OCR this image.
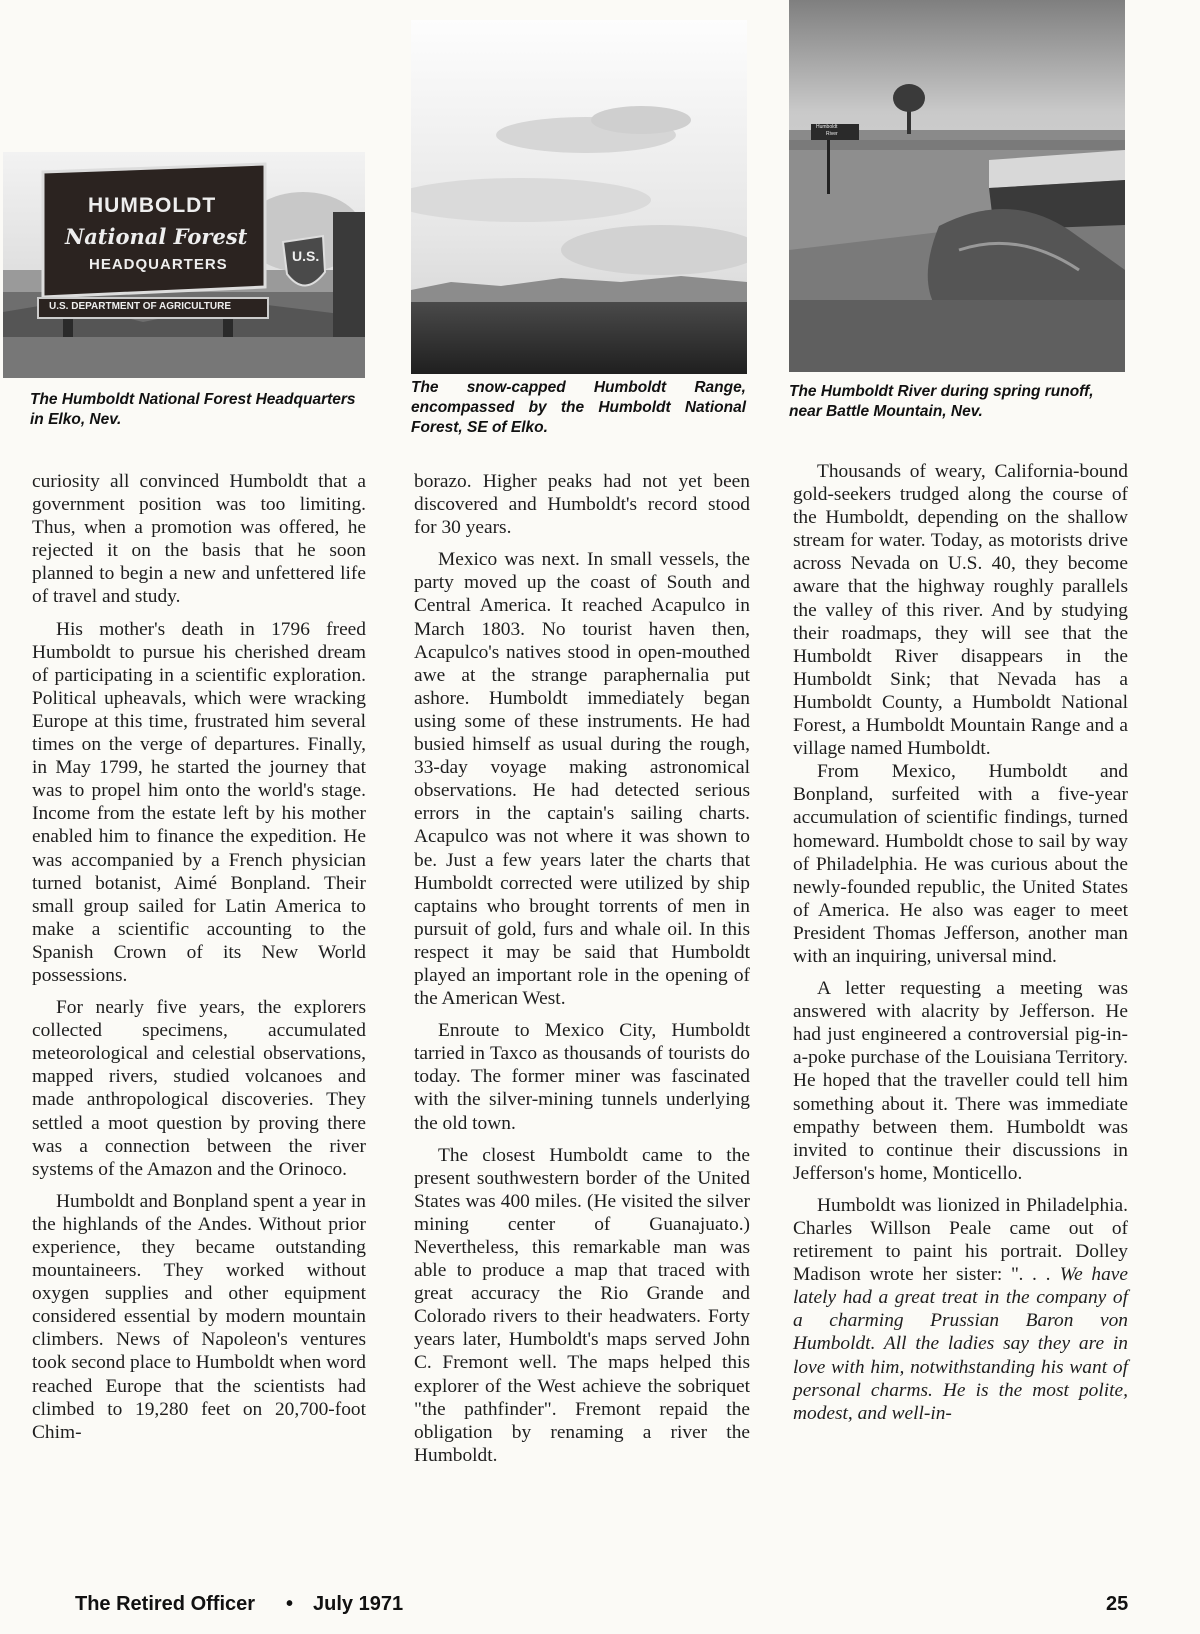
HUMBOLDT
National Forest
HEADQUARTERS
U.S. DEPARTMENT OF AGRICULTURE
U.S.
The Humboldt National Forest Headquarters in Elko, Nev.
The snow-capped Humboldt Range, encompassed by the Humboldt National Forest, SE of Elko.
Humboldt
River
The Humboldt River during spring runoff, near Battle Mountain, Nev.

curiosity all convinced Humboldt that a government position was too limiting. Thus, when a promotion was offered, he rejected it on the basis that he soon planned to begin a new and unfettered life of travel and study.

His mother's death in 1796 freed Humboldt to pursue his cherished dream of participating in a scientific exploration. Political upheavals, which were wracking Europe at this time, frustrated him several times on the verge of departures. Finally, in May 1799, he started the journey that was to propel him onto the world's stage. Income from the estate left by his mother enabled him to finance the expedition. He was accompanied by a French physician turned botanist, Aimé Bonpland. Their small group sailed for Latin America to make a scientific accounting to the Spanish Crown of its New World possessions.

For nearly five years, the explorers collected specimens, accumulated meteorological and celestial observations, mapped rivers, studied volcanoes and made anthropological discoveries. They settled a moot question by proving there was a connection between the river systems of the Amazon and the Orinoco.

Humboldt and Bonpland spent a year in the highlands of the Andes. Without prior experience, they became outstanding mountaineers. They worked without oxygen supplies and other equipment considered essential by modern mountain climbers. News of Napoleon's ventures took second place to Humboldt when word reached Europe that the scientists had climbed to 19,280 feet on 20,700-foot Chim-

borazo. Higher peaks had not yet been discovered and Humboldt's record stood for 30 years.

Mexico was next. In small vessels, the party moved up the coast of South and Central America. It reached Acapulco in March 1803. No tourist haven then, Acapulco's natives stood in open-mouthed awe at the strange paraphernalia put ashore. Humboldt immediately began using some of these instruments. He had busied himself as usual during the rough, 33-day voyage making astronomical observations. He had detected serious errors in the captain's sailing charts. Acapulco was not where it was shown to be. Just a few years later the charts that Humboldt corrected were utilized by ship captains who brought torrents of men in pursuit of gold, furs and whale oil. In this respect it may be said that Humboldt played an important role in the opening of the American West.

Enroute to Mexico City, Humboldt tarried in Taxco as thousands of tourists do today. The former miner was fascinated with the silver-mining tunnels underlying the old town.

The closest Humboldt came to the present southwestern border of the United States was 400 miles. (He visited the silver mining center of Guanajuato.) Nevertheless, this remarkable man was able to produce a map that traced with great accuracy the Rio Grande and Colorado rivers to their headwaters. Forty years later, Humboldt's maps served John C. Fremont well. The maps helped this explorer of the West achieve the sobriquet "the pathfinder". Fremont repaid the obligation by renaming a river the Humboldt.

Thousands of weary, California-bound gold-seekers trudged along the course of the Humboldt, depending on the shallow stream for water. Today, as motorists drive across Nevada on U.S. 40, they become aware that the highway roughly parallels the valley of this river. And by studying their roadmaps, they will see that the Humboldt River disappears in the Humboldt Sink; that Nevada has a Humboldt County, a Humboldt National Forest, a Humboldt Mountain Range and a village named Humboldt.

From Mexico, Humboldt and Bonpland, surfeited with a five-year accumulation of scientific findings, turned homeward. Humboldt chose to sail by way of Philadelphia. He was curious about the newly-founded republic, the United States of America. He also was eager to meet President Thomas Jefferson, another man with an inquiring, universal mind.

A letter requesting a meeting was answered with alacrity by Jefferson. He had just engineered a controversial pig-in-a-poke purchase of the Louisiana Territory. He hoped that the traveller could tell him something about it. There was immediate empathy between them. Humboldt was invited to continue their discussions in Jefferson's home, Monticello.

Humboldt was lionized in Philadelphia. Charles Willson Peale came out of retirement to paint his portrait. Dolley Madison wrote her sister: ". . . We have lately had a great treat in the company of a charming Prussian Baron von Humboldt. All the ladies say they are in love with him, notwithstanding his want of personal charms. He is the most polite, modest, and well-in-

The Retired Officer • July 1971	25
